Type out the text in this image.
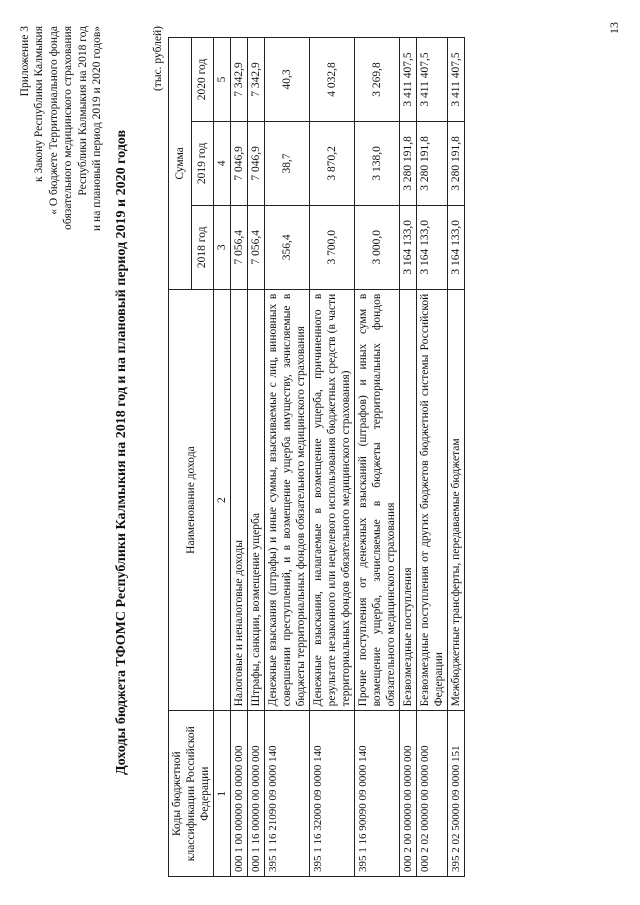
Приложение 3 к Закону Республики Калмыкия « О бюджете Территориального фонда обязательного медицинского страхования Республики Калмыкия на 2018 год и на плановый период 2019 и 2020 годов»
Доходы бюджета ТФОМС Республики Калмыкия на 2018 год и на плановый период 2019 и 2020 годов
(тыс. рублей)
Коды бюджетной классификации Российской Федерации	Наименование дохода	Сумма		
		2018 год	2019 год	2020 год
1	2	3	4	5
000 1 00 00000 00 0000 000	Налоговые и неналоговые доходы	7 056,4	7 046,9	7 342,9
000 1 16 00000 00 0000 000	Штрафы, санкции, возмещение ущерба	7 056,4	7 046,9	7 342,9
395 1 16 21090 09 0000 140	Денежные взыскания (штрафы) и иные суммы, взыскиваемые с лиц, виновных в совершении преступлений, и в возмещение ущерба имуществу, зачисляемые в бюджеты территориальных фондов обязательного медицинского страхования	356,4	38,7	40,3
395 1 16 32000 09 0000 140	Денежные взыскания, налагаемые в возмещение ущерба, причиненного в результате незаконного или нецелевого использования бюджетных средств (в части территориальных фондов обязательного медицинского страхования)	3 700,0	3 870,2	4 032,8
395 1 16 90090 09 0000 140	Прочие поступления от денежных взысканий (штрафов) и иных сумм в возмещение ущерба, зачисляемые в бюджеты территориальных фондов обязательного медицинского страхования	3 000,0	3 138,0	3 269,8
000 2 00 00000 00 0000 000	Безвозмездные поступления	3 164 133,0	3 280 191,8	3 411 407,5
000 2 02 00000 00 0000 000	Безвозмездные поступления от других бюджетов бюджетной системы Российской Федерации	3 164 133,0	3 280 191,8	3 411 407,5
395 2 02 50000 09 0000 151	Межбюджетные трансферты, передаваемые бюджетам	3 164 133,0	3 280 191,8	3 411 407,5
13
